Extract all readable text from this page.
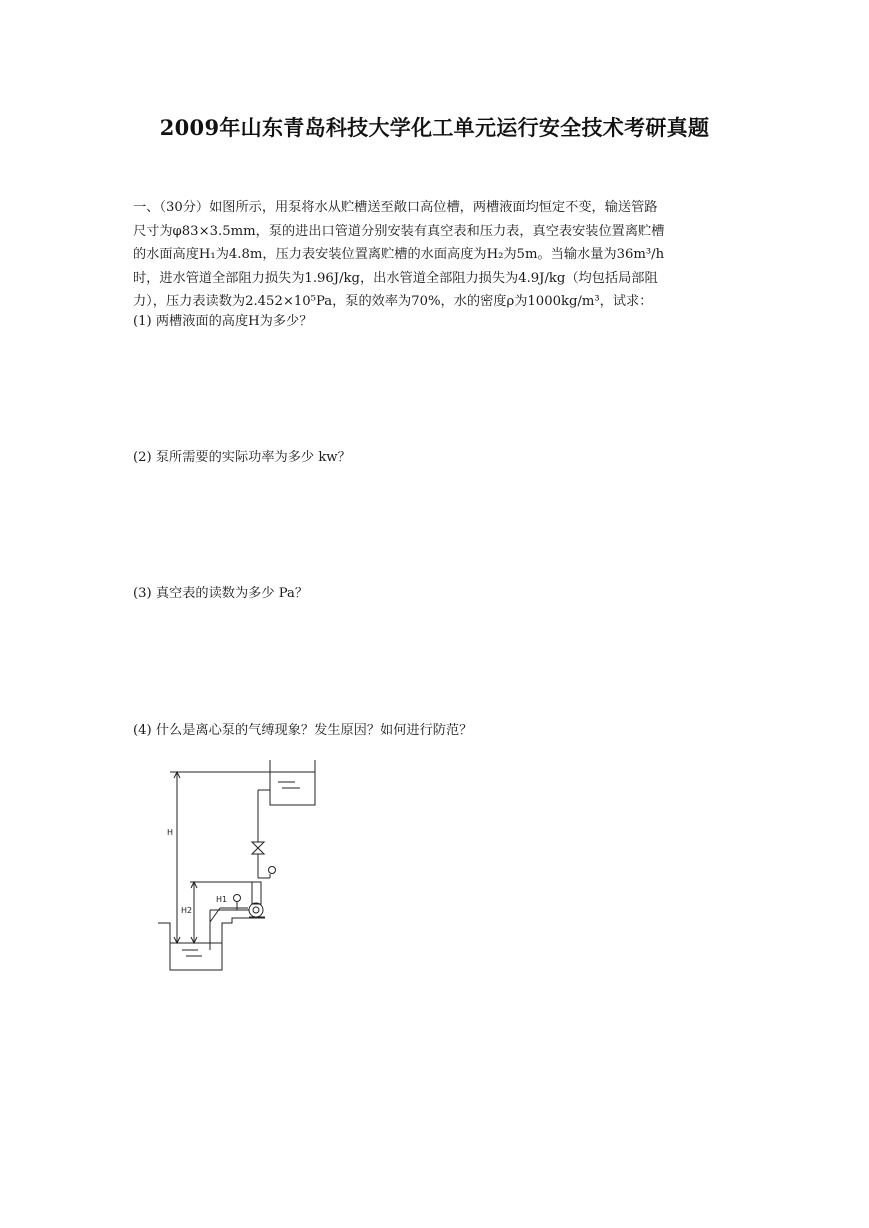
2009年山东青岛科技大学化工单元运行安全技术考研真题
一、（30分）如图所示，用泵将水从贮槽送至敞口高位槽，两槽液面均恒定不变，输送管路
尺寸为φ83×3.5mm，泵的进出口管道分别安装有真空表和压力表，真空表安装位置离贮槽
的水面高度H₁为4.8m，压力表安装位置离贮槽的水面高度为H₂为5m。当输水量为36m³/h
时，进水管道全部阻力损失为1.96J/kg，出水管道全部阻力损失为4.9J/kg（均包括局部阻
力），压力表读数为2.452×10⁵Pa，泵的效率为70%，水的密度ρ为1000kg/m³，试求：
(1) 两槽液面的高度H为多少？
(2) 泵所需要的实际功率为多少 kw？
(3) 真空表的读数为多少 Pa？
(4) 什么是离心泵的气缚现象？发生原因？如何进行防范？
H
H2
H1
